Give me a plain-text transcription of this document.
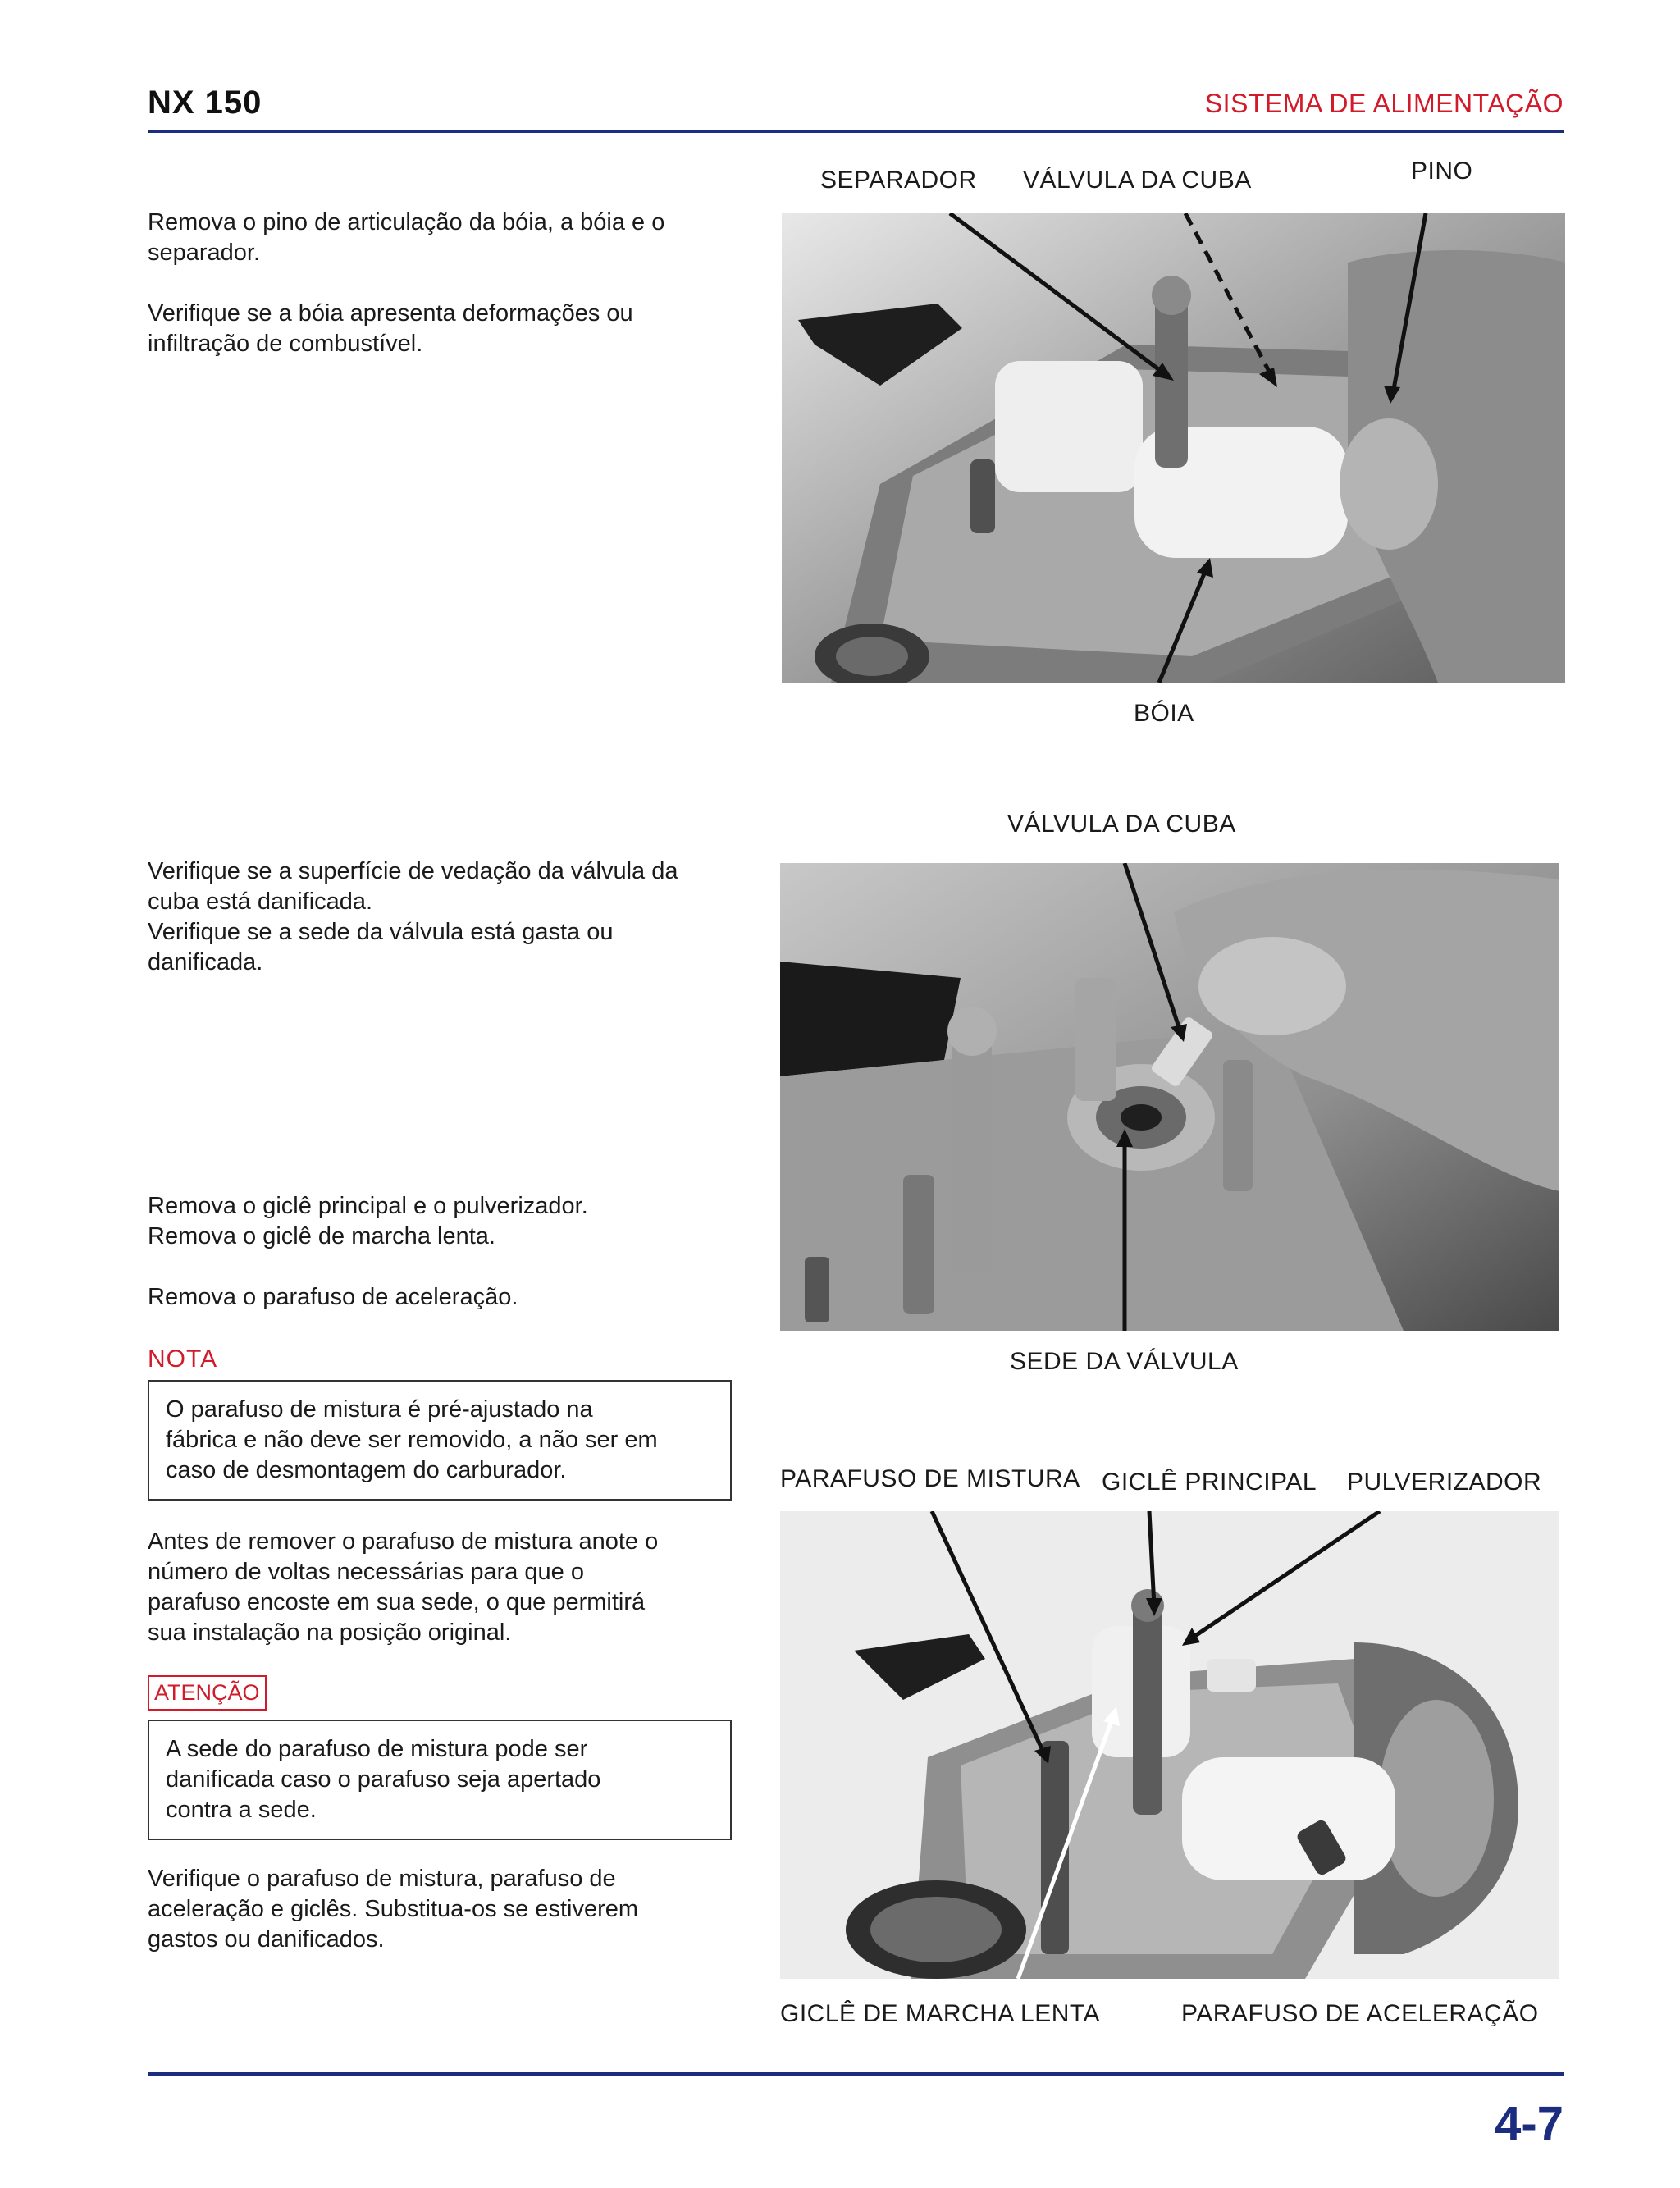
NX 150	SISTEMA DE ALIMENTAÇÃO
Remova o pino de articulação da bóia, a bóia e o
separador.
Verifique se a bóia apresenta deformações ou
infiltração de combustível.
Verifique se a superfície de vedação da válvula da
cuba está danificada.
Verifique se a sede da válvula está gasta ou
danificada.
Remova o giclê principal e o pulverizador.
Remova o giclê de marcha lenta.
Remova o parafuso de aceleração.
NOTA
O parafuso de mistura é pré-ajustado na
fábrica e não deve ser removido, a não ser em
caso de desmontagem do carburador.
Antes de remover o parafuso de mistura anote o
número de voltas necessárias para que o
parafuso encoste em sua sede, o que permitirá
sua instalação na posição original.
ATENÇÃO
A sede do parafuso de mistura pode ser
danificada caso o parafuso seja apertado
contra a sede.
Verifique o parafuso de mistura, parafuso de
aceleração e giclês. Substitua-os se estiverem
gastos ou danificados.
SEPARADOR VÁLVULA DA CUBA	PINO
BÓIA
VÁLVULA DA CUBA
SEDE DA VÁLVULA
PARAFUSO DE MISTURA GICLÊ PRINCIPAL PULVERIZADOR
GICLÊ DE MARCHA LENTA	PARAFUSO DE ACELERAÇÃO
4-7
